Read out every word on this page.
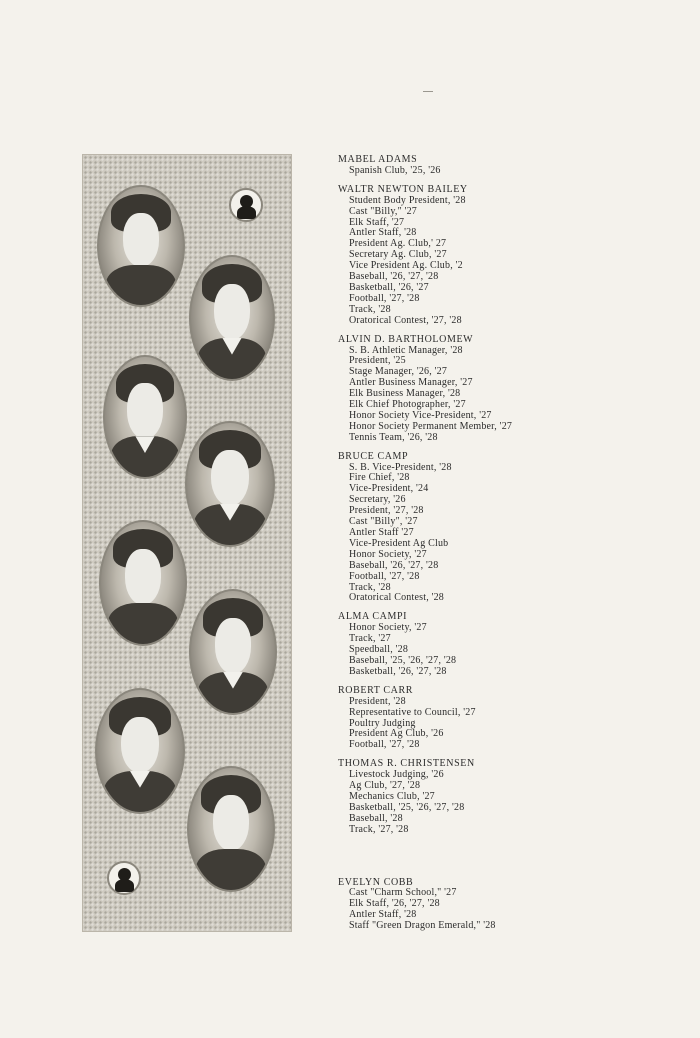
MABEL ADAMS
Spanish Club, '25, '26
WALTR NEWTON BAILEY
Student Body President, '28
Cast "Billy," '27
Elk Staff, '27
Antler Staff, '28
President Ag. Club,' 27
Secretary Ag. Club, '27
Vice President Ag. Club, '2
Baseball, '26, '27, '28
Basketball, '26, '27
Football, '27, '28
Track, '28
Oratorical Contest, '27, '28
ALVIN D. BARTHOLOMEW
S. B. Athletic Manager, '28
President, '25
Stage Manager, '26, '27
Antler Business Manager, '27
Elk Business Manager, '28
Elk Chief Photographer, '27
Honor Society Vice-President, '27
Honor Society Permanent Member, '27
Tennis Team, '26, '28
BRUCE CAMP
S. B. Vice-President, '28
Fire Chief, '28
Vice-President, '24
Secretary, '26
President, '27, '28
Cast "Billy", '27
Antler Staff '27
Vice-President Ag Club
Honor Society, '27
Baseball, '26, '27, '28
Football, '27, '28
Track, '28
Oratorical Contest, '28
ALMA CAMPI
Honor Society, '27
Track, '27
Speedball, '28
Baseball, '25, '26, '27, '28
Basketball, '26, '27, '28
ROBERT CARR
President, '28
Representative to Council, '27
Poultry Judging
President Ag Club, '26
Football, '27, '28
THOMAS R. CHRISTENSEN
Livestock Judging, '26
Ag Club, '27, '28
Mechanics Club, '27
Basketball, '25, '26, '27, '28
Baseball, '28
Track, '27, '28
EVELYN COBB
Cast "Charm School," '27
Elk Staff, '26, '27, '28
Antler Staff, '28
Staff "Green Dragon Emerald," '28
